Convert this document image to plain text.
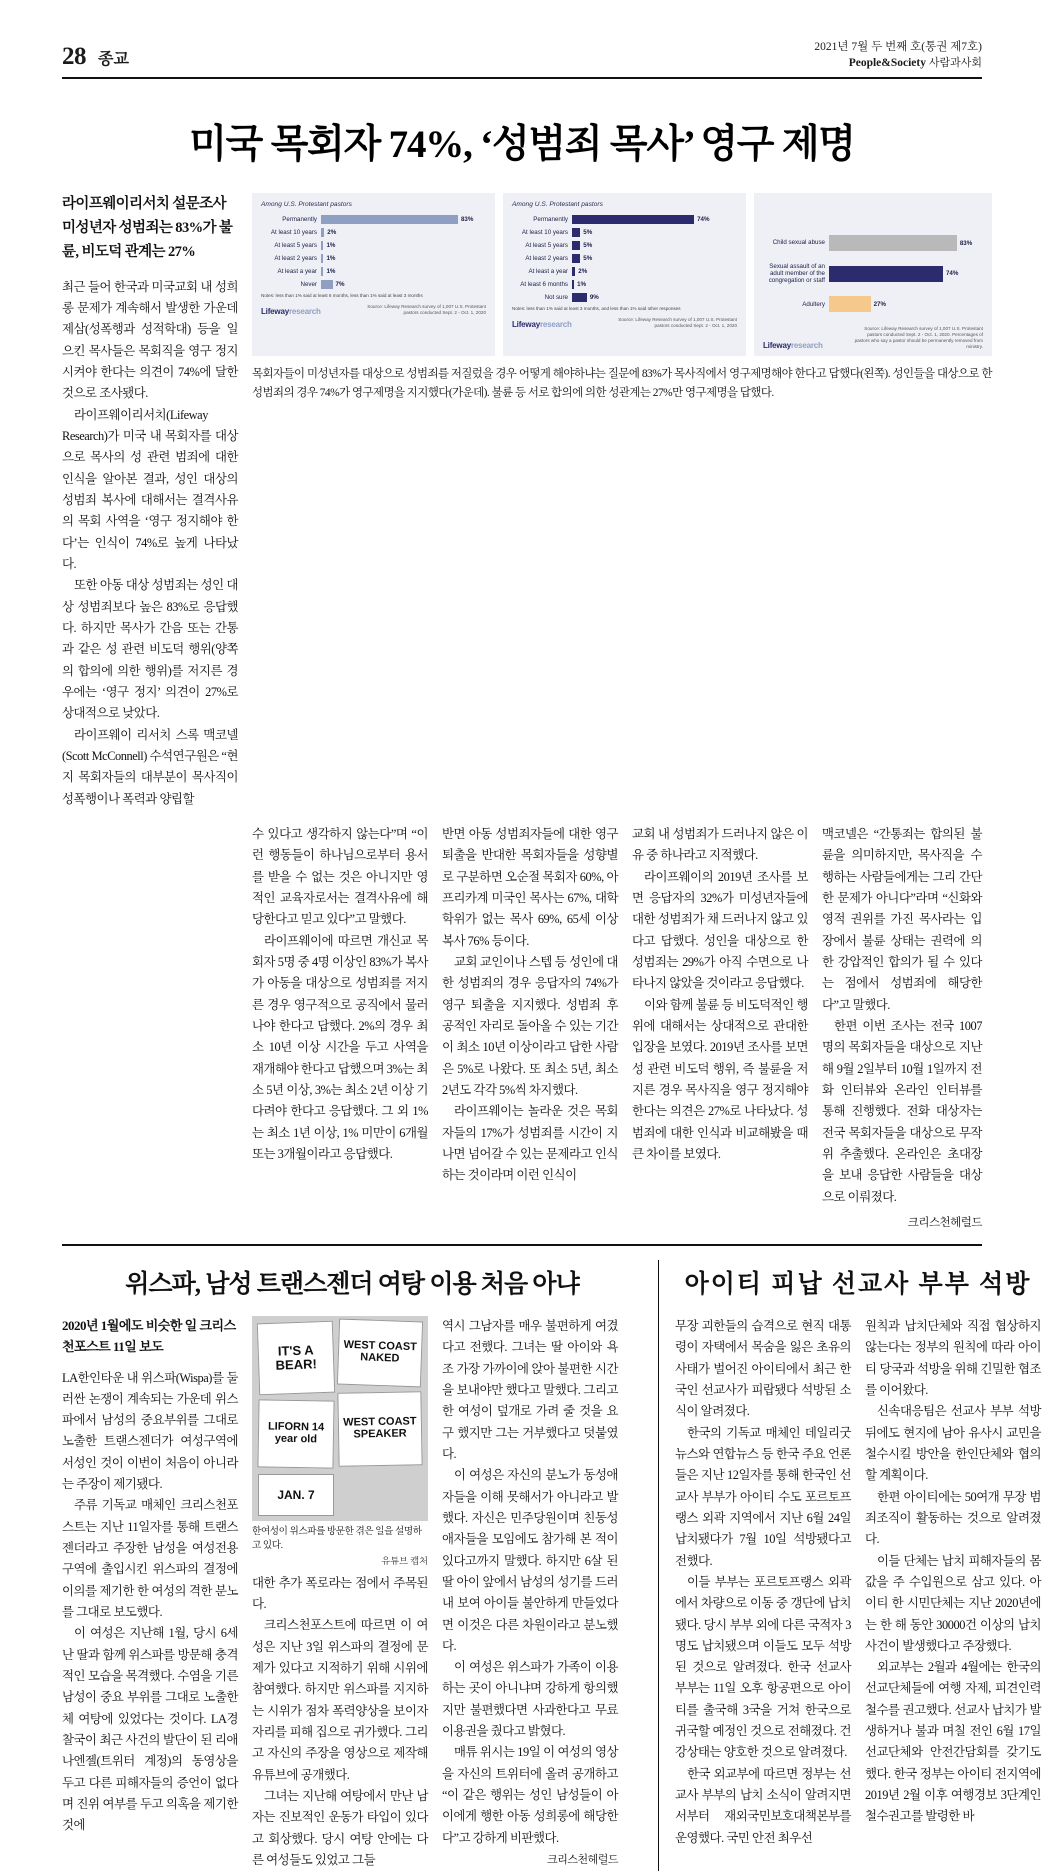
28 종교
2021년 7월 두 번째 호(통권 제7호)
People&Society 사람과사회
미국 목회자 74%, ‘성범죄 목사’ 영구 제명
라이프웨이리서치 설문조사 미성년자 성범죄는 83%가 불륜, 비도덕 관계는 27%

최근 들어 한국과 미국교회 내 성희롱 문제가 계속해서 발생한 가운데 제삼(성폭행과 성적학대) 등을 일으킨 목사들은 목회직을 영구 정지시켜야 한다는 의견이 74%에 달한 것으로 조사됐다.

라이프웨이리서치(Lifeway Research)가 미국 내 목회자를 대상으로 목사의 성 관련 범죄에 대한 인식을 알아본 결과, 성인 대상의 성범죄 복사에 대해서는 결격사유의 목회 사역을 ‘영구 정지해야 한다’는 인식이 74%로 높게 나타났다.

또한 아동 대상 성범죄는 성인 대상 성범죄보다 높은 83%로 응답했다. 하지만 목사가 간음 또는 간통과 같은 성 관련 비도덕 행위(양쪽의 합의에 의한 행위)를 저지른 경우에는 ‘영구 정지’ 의견이 27%로 상대적으로 낮았다.

라이프웨이 리서치 스록 맥코넬(Scott McConnell) 수석연구원은 “현지 목회자들의 대부분이 목사직이 성폭행이나 폭력과 양립할

Among U.S. Protestant pastors
Permanently	83%
At least 10 years	2%
At least 5 years	1%
At least 2 years	1%
At least a year	1%
Never	7%
Notes: less than 1% said at least 6 months, less than 1% said at least 3 months
Lifewayresearch
Source: Lifeway Research survey of 1,007 U.S. Protestant pastors conducted Sept. 2 - Oct. 1, 2020
Among U.S. Protestant pastors
Permanently	74%
At least 10 years	5%
At least 5 years	5%
At least 2 years	5%
At least a year	2%
At least 6 months	1%
Not sure	9%
Notes: less than 1% said at least 3 months, and less than 1% said other responses
Lifewayresearch
Source: Lifeway Research survey of 1,007 U.S. Protestant pastors conducted Sept. 2 - Oct. 1, 2020
Child sexual abuse	83%
Sexual assault of an adult member of the congregation or staff
74%
Adultery	27%
Lifewayresearch
Source: Lifeway Research survey of 1,007 U.S. Protestant pastors conducted Sept. 2 - Oct. 1, 2020. Percentages of pastors who say a pastor should be permanently removed from ministry.
목회자들이 미성년자를 대상으로 성범죄를 저질렀을 경우 어떻게 해야하냐는 질문에 83%가 목사직에서 영구제명해야 한다고 답했다(왼쪽). 성인들을 대상으로 한 성범죄의 경우 74%가 영구제명을 지지했다(가운데). 불륜 등 서로 합의에 의한 성관계는 27%만 영구제명을 답했다.

수 있다고 생각하지 않는다”며 “이런 행동들이 하나님으로부터 용서를 받을 수 없는 것은 아니지만 영적인 교육자로서는 결격사유에 해당한다고 믿고 있다”고 말했다.

라이프웨이에 따르면 개신교 목회자 5명 중 4명 이상인 83%가 복사가 아동을 대상으로 성범죄를 저지른 경우 영구적으로 공직에서 물러나야 한다고 답했다. 2%의 경우 최소 10년 이상 시간을 두고 사역을 재개해야 한다고 답했으며 3%는 최소 5년 이상, 3%는 최소 2년 이상 기다려야 한다고 응답했다. 그 외 1%는 최소 1년 이상, 1% 미만이 6개월 또는 3개월이라고 응답했다.

반면 아동 성범죄자들에 대한 영구 퇴출을 반대한 목회자들을 성향별로 구분하면 오순절 목회자 60%, 아프리카계 미국인 목사는 67%, 대학 학위가 없는 목사 69%, 65세 이상 복사 76% 등이다.

교회 교인이나 스텝 등 성인에 대한 성범죄의 경우 응답자의 74%가 영구 퇴출을 지지했다. 성범죄 후 공적인 자리로 돌아올 수 있는 기간이 최소 10년 이상이라고 답한 사람은 5%로 나왔다. 또 최소 5년, 최소 2년도 각각 5%씩 차지했다.

라이프웨이는 놀라운 것은 목회자들의 17%가 성범죄를 시간이 지나면 넘어갈 수 있는 문제라고 인식하는 것이라며 이런 인식이

교회 내 성범죄가 드러나지 않은 이유 중 하나라고 지적했다.

라이프웨이의 2019년 조사를 보면 응답자의 32%가 미성년자들에 대한 성범죄가 채 드러나지 않고 있다고 답했다. 성인을 대상으로 한 성범죄는 29%가 아직 수면으로 나타나지 않았을 것이라고 응답했다.

이와 함께 불륜 등 비도덕적인 행위에 대해서는 상대적으로 관대한 입장을 보였다. 2019년 조사를 보면 성 관련 비도덕 행위, 즉 불륜을 저지른 경우 목사직을 영구 정지해야 한다는 의견은 27%로 나타났다. 성범죄에 대한 인식과 비교해봤을 때 큰 차이를 보였다.

맥코넬은 “간통죄는 합의된 불륜을 의미하지만, 목사직을 수행하는 사람들에게는 그리 간단한 문제가 아니다”라며 “신화와 영적 권위를 가진 목사라는 입장에서 불륜 상태는 권력에 의한 강압적인 합의가 될 수 있다는 점에서 성범죄에 해당한다”고 말했다.

한편 이번 조사는 전국 1007명의 목회자들을 대상으로 지난해 9월 2일부터 10월 1일까지 전화 인터뷰와 온라인 인터뷰를 통해 진행했다. 전화 대상자는 전국 목회자들을 대상으로 무작위 추출했다. 온라인은 초대장을 보내 응답한 사람들을 대상으로 이뤄졌다.

크리스천헤럴드
위스파, 남성 트랜스젠더 여탕 이용 처음 아냐
2020년 1월에도 비슷한 일 크리스천포스트 11일 보도

LA한인타운 내 위스파(Wispa)를 둘러싼 논쟁이 계속되는 가운데 위스파에서 남성의 중요부위를 그대로 노출한 트랜스젠더가 여성구역에 서성인 것이 이번이 처음이 아니라는 주장이 제기됐다.

주류 기독교 매체인 크리스천포스트는 지난 11일자를 통해 트랜스젠더라고 주장한 남성을 여성전용구역에 출입시킨 위스파의 결정에 이의를 제기한 한 여성의 격한 분노를 그대로 보도했다.

이 여성은 지난해 1월, 당시 6세 난 딸과 함께 위스파를 방문해 충격적인 모습을 목격했다. 수염을 기른 남성이 중요 부위를 그대로 노출한체 여탕에 있었다는 것이다. LA경찰국이 최근 사건의 발단이 된 리애나엔젤(트위터 계정)의 동영상을 두고 다른 피해자들의 증언이 없다며 진위 여부를 두고 의혹을 제기한 것에

IT'S A BEAR!
WEST COAST NAKED
LIFORN 14 year old
WEST COAST SPEAKER
JAN. 7
한여성이 위스파를 방문한 겪은 일을 설명하고 있다.
유튜브 캡처

대한 추가 폭로라는 점에서 주목된다.

크리스천포스트에 따르면 이 여성은 지난 3일 위스파의 결정에 문제가 있다고 지적하기 위해 시위에 참여했다. 하지만 위스파를 지지하는 시위가 점차 폭력양상을 보이자 자리를 피해 집으로 귀가했다. 그리고 자신의 주장을 영상으로 제작해 유튜브에 공개했다.

그녀는 지난해 여탕에서 만난 남자는 진보적인 운동가 타입이 있다고 회상했다. 당시 여탕 안에는 다른 여성들도 있었고 그들

역시 그남자를 매우 불편하게 여겼다고 전했다. 그녀는 딸 아이와 욕조 가장 가까이에 앉아 불편한 시간을 보내야만 했다고 말했다. 그리고 한 여성이 덮개로 가려 줄 것을 요구 했지만 그는 거부했다고 덧붙였다.

이 여성은 자신의 분노가 동성애자들을 이해 못해서가 아니라고 발했다. 자신은 민주당원이며 친동성애자들을 모임에도 참가해 본 적이 있다고까지 말했다. 하지만 6살 된 딸 아이 앞에서 남성의 성기를 드러내 보여 아이들 불안하게 만들었다면 이것은 다른 차원이라고 분노했다.

이 여성은 위스파가 가족이 이용하는 곳이 아니냐며 강하게 항의했지만 불편했다면 사과한다고 무료이용권을 줬다고 밝혔다.

매튜 위시는 19일 이 여성의 영상을 자신의 트위터에 올려 공개하고 “이 같은 행위는 성인 남성들이 아이에게 행한 아동 성희롱에 해당한다”고 강하게 비판했다.

크리스천헤럴드
아이티 피납 선교사 부부 석방

무장 괴한들의 습격으로 현직 대통령이 자택에서 목숨을 잃은 초유의 사태가 벌어진 아이티에서 최근 한국인 선교사가 피랍됐다 석방된 소식이 알려졌다.

한국의 기독교 매체인 데일리굿뉴스와 연합뉴스 등 한국 주요 언론들은 지난 12일자를 통해 한국인 선교사 부부가 아이티 수도 포르토프랭스 외곽 지역에서 지난 6월 24일 납치됐다가 7월 10일 석방됐다고 전했다.

이들 부부는 포르토프랭스 외곽에서 차량으로 이동 중 갱단에 납치됐다. 당시 부부 외에 다른 국적자 3명도 납치됐으며 이들도 모두 석방된 것으로 알려졌다. 한국 선교사 부부는 11일 오후 항공편으로 아이티를 출국해 3국을 거쳐 한국으로 귀국할 예정인 것으로 전해졌다. 건강상태는 양호한 것으로 알려졌다.

한국 외교부에 따르면 정부는 선교사 부부의 납치 소식이 알려지면서부터 재외국민보호대책본부를 운영했다. 국민 안전 최우선

원칙과 납치단체와 직접 협상하지 않는다는 정부의 원칙에 따라 아이티 당국과 석방을 위해 긴밀한 협조를 이어왔다.

신속대응팀은 선교사 부부 석방 뒤에도 현지에 남아 유사시 교민을 철수시킬 방안을 한인단체와 협의할 계획이다.

한편 아이티에는 50여개 무장 범죄조직이 활동하는 것으로 알려졌다.

이들 단체는 납치 피해자들의 몸값을 주 수입원으로 삼고 있다. 아이티 한 시민단체는 지난 2020년에는 한 해 동안 30000건 이상의 납치사건이 발생했다고 주장했다.

외교부는 2월과 4월에는 한국의 선교단체들에 여행 자제, 피견인력 철수를 권고했다. 선교사 납치가 발생하거나 불과 며칠 전인 6월 17일 선교단체와 안전간담회를 갖기도 했다. 한국 정부는 아이티 전지역에 2019년 2월 이후 여행경보 3단계인 철수권고를 발령한 바
